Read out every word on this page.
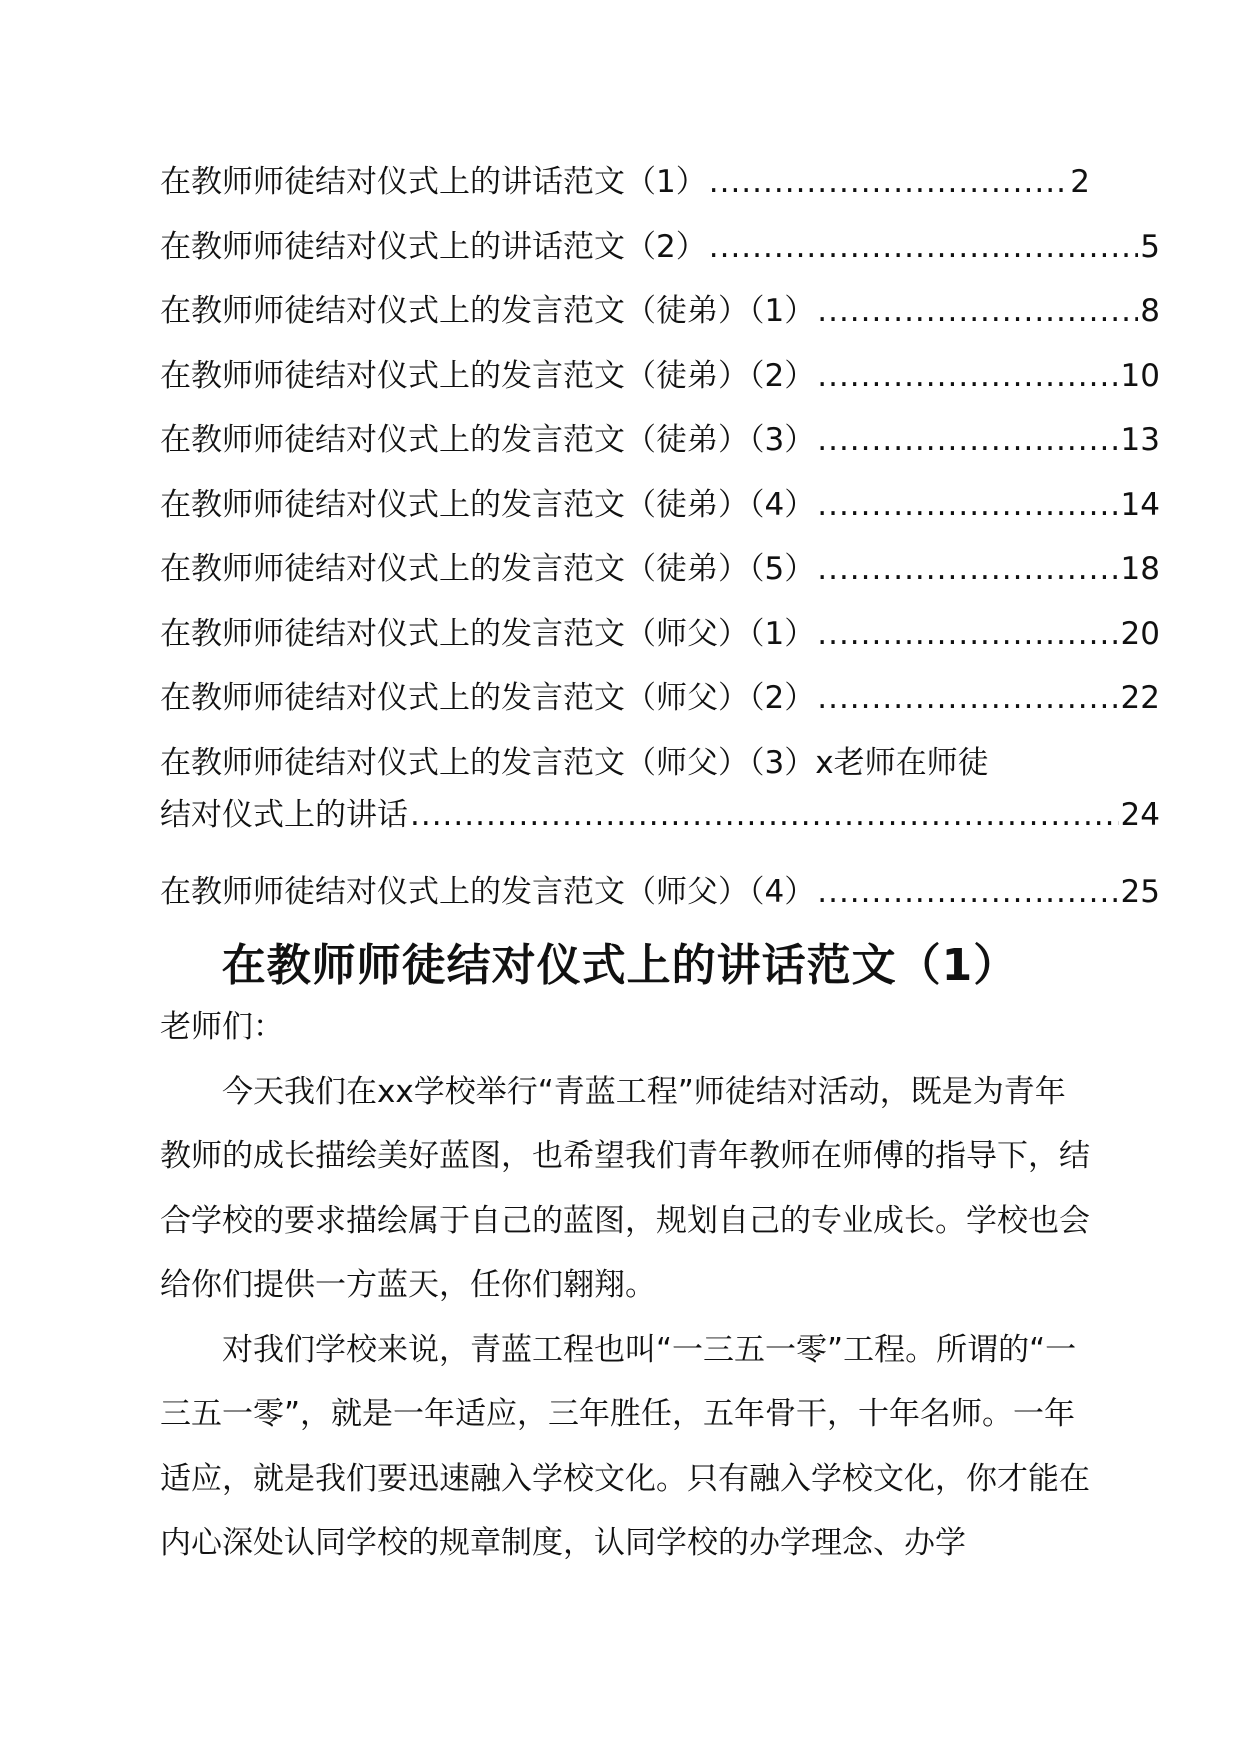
在教师师徒结对仪式上的讲话范文（1） .....	2
在教师师徒结对仪式上的讲话范文（2） .....	5
在教师师徒结对仪式上的发言范文（徒弟）（1） .....	8
在教师师徒结对仪式上的发言范文（徒弟）（2） .....	10
在教师师徒结对仪式上的发言范文（徒弟）（3） .....	13
在教师师徒结对仪式上的发言范文（徒弟）（4） .....	14
在教师师徒结对仪式上的发言范文（徒弟）（5） .....	18
在教师师徒结对仪式上的发言范文（师父）（1） .....	20
在教师师徒结对仪式上的发言范文（师父）（2） .....	22
在教师师徒结对仪式上的发言范文（师父）（3）x老师在师徒
结对仪式上的讲话 .....	24
在教师师徒结对仪式上的发言范文（师父）（4） .....	25
在教师师徒结对仪式上的讲话范文（1）

老师们：

今天我们在xx学校举行“青蓝工程”师徒结对活动，既是为青年教师的成长描绘美好蓝图，也希望我们青年教师在师傅的指导下，结合学校的要求描绘属于自己的蓝图，规划自己的专业成长。学校也会给你们提供一方蓝天，任你们翱翔。

对我们学校来说，青蓝工程也叫“一三五一零”工程。所谓的“一三五一零”，就是一年适应，三年胜任，五年骨干，十年名师。一年适应，就是我们要迅速融入学校文化。只有融入学校文化，你才能在内心深处认同学校的规章制度，认同学校的办学理念、办学
